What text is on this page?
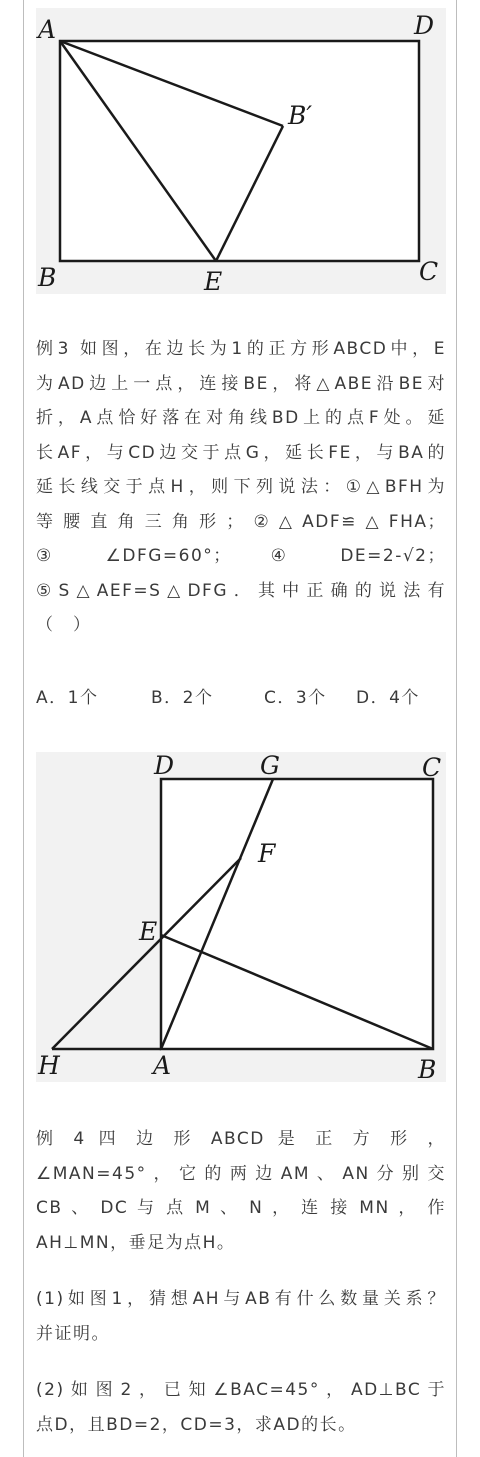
A	D
B′
B	E	C
例3 如图，在边长为1的正方形ABCD中，E
为AD边上一点，连接BE，将△ABE沿BE对
折，A点恰好落在对角线BD上的点F处。延
长AF，与CD边交于点G，延长FE，与BA的
延长线交于点H，则下列说法：①△BFH为
等腰直角三角形；②△ADF≌△FHA；
③ ∠DFG=60°； ④ DE=2-√2；
⑤S△AEF=S△DFG．其中正确的说法有
（　）
A．1个	B．2个	C．3个	D．4个
D	G	C
F
E
H	A	B
例 4 四 边 形 ABCD 是 正 方 形 ，
∠MAN=45°，它的两边AM、AN分别交
CB 、 DC 与 点 M 、 N ， 连 接 MN ， 作
AH⊥MN，垂足为点H。
(1)如图1，猜想AH与AB有什么数量关系？
并证明。
(2)如图2，已知∠BAC=45°，AD⊥BC于
点D，且BD=2，CD=3，求AD的长。
